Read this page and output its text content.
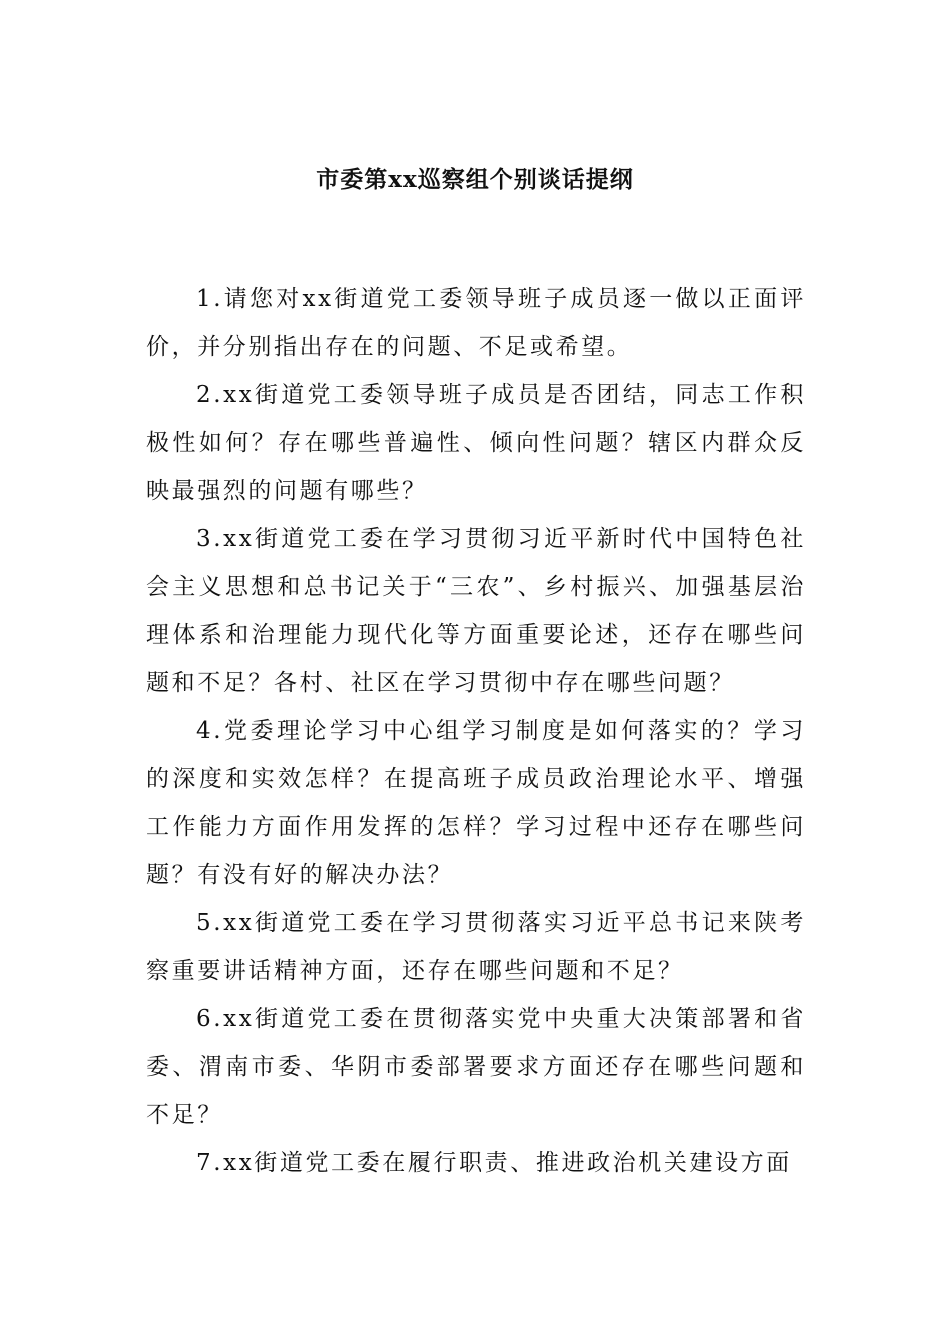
市委第xx巡察组个别谈话提纲

1.请您对xx街道党工委领导班子成员逐一做以正面评价，并分别指出存在的问题、不足或希望。

2.xx街道党工委领导班子成员是否团结，同志工作积极性如何？存在哪些普遍性、倾向性问题？辖区内群众反映最强烈的问题有哪些？

3.xx街道党工委在学习贯彻习近平新时代中国特色社会主义思想和总书记关于“三农”、乡村振兴、加强基层治理体系和治理能力现代化等方面重要论述，还存在哪些问题和不足？各村、社区在学习贯彻中存在哪些问题？

4.党委理论学习中心组学习制度是如何落实的？学习的深度和实效怎样？在提高班子成员政治理论水平、增强工作能力方面作用发挥的怎样？学习过程中还存在哪些问题？有没有好的解决办法？

5.xx街道党工委在学习贯彻落实习近平总书记来陕考察重要讲话精神方面，还存在哪些问题和不足？

6.xx街道党工委在贯彻落实党中央重大决策部署和省委、渭南市委、华阴市委部署要求方面还存在哪些问题和不足？

7.xx街道党工委在履行职责、推进政治机关建设方面
